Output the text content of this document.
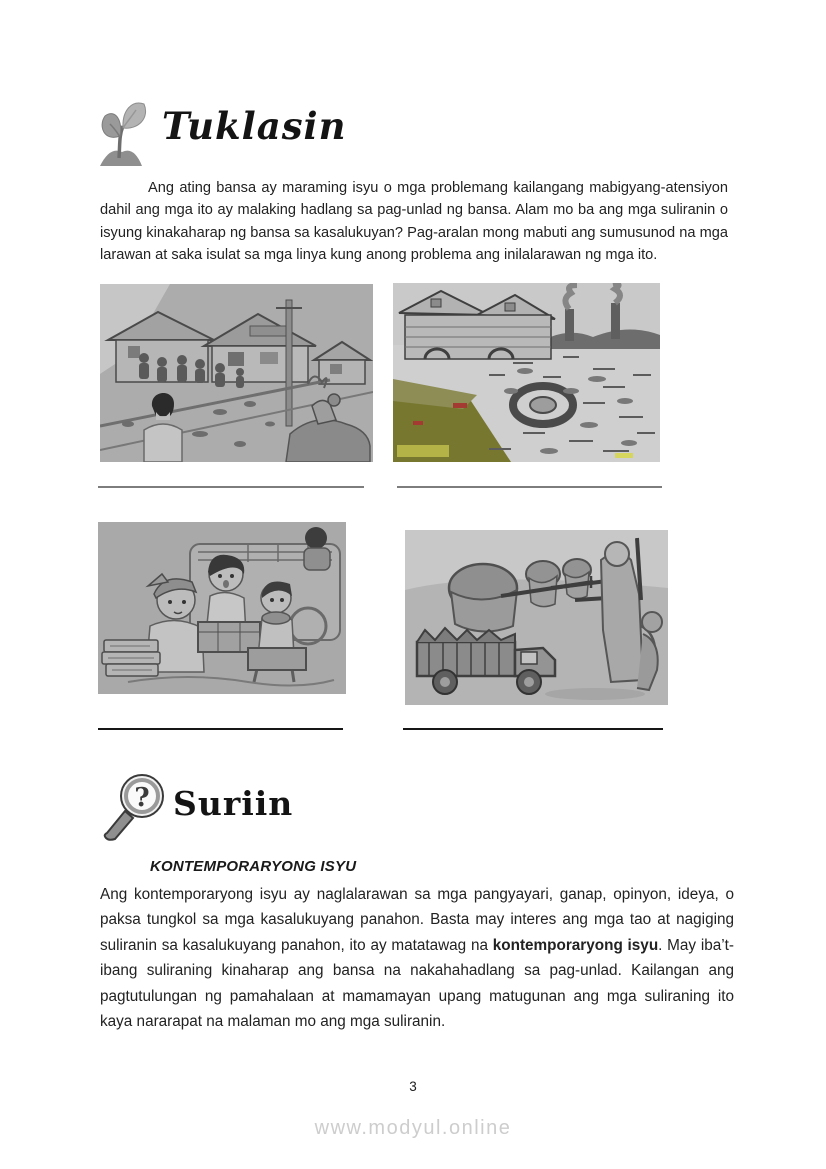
Tuklasin
Ang ating bansa ay maraming isyu o mga problemang kailangang mabigyang-atensiyon dahil ang mga ito ay malaking hadlang sa pag-unlad ng bansa. Alam mo ba ang mga suliranin o isyung kinakaharap ng bansa sa kasalukuyan? Pag-aralan mong mabuti ang sumusunod na mga larawan at saka isulat sa mga linya kung anong problema ang inilalarawan ng mga ito.
? Suriin
KONTEMPORARYONG ISYU
Ang kontemporaryong isyu ay naglalarawan sa mga pangyayari, ganap, opinyon, ideya, o paksa tungkol sa mga kasalukuyang panahon. Basta may interes ang mga tao at nagiging suliranin sa kasalukuyang panahon, ito ay matatawag na kontemporaryong isyu. May iba’t-ibang suliraning kinaharap ang bansa na nakahahadlang sa pag-unlad. Kailangan ang pagtutulungan ng pamahalaan at mamamayan upang matugunan ang mga suliraning ito kaya nararapat na malaman mo ang mga suliranin.
3
www.modyul.online
